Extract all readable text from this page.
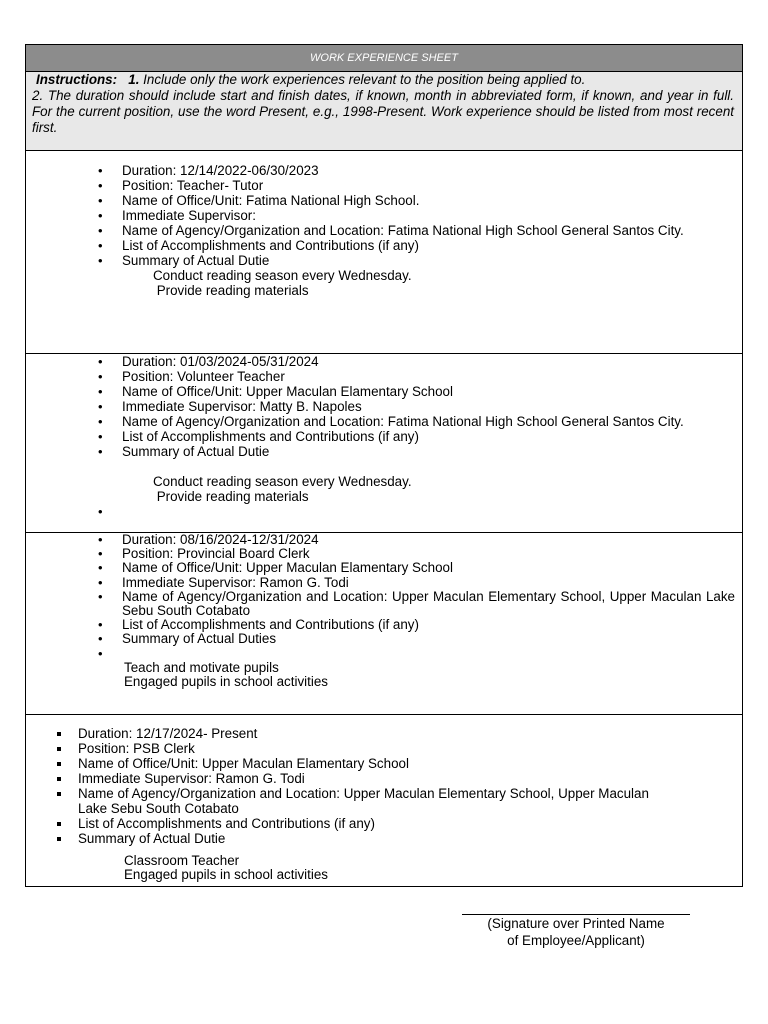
WORK EXPERIENCE SHEET
Instructions: 1. Include only the work experiences relevant to the position being applied to.
2. The duration should include start and finish dates, if known, month in abbreviated form, if known, and year in full. For the current position, use the word Present, e.g., 1998-Present. Work experience should be listed from most recent first.
• Duration: 12/14/2022-06/30/2023
• Position: Teacher- Tutor
• Name of Office/Unit: Fatima National High School.
• Immediate Supervisor:
• Name of Agency/Organization and Location: Fatima National High School General Santos City.
• List of Accomplishments and Contributions (if any)
• Summary of Actual Dutie
Conduct reading season every Wednesday.
Provide reading materials
• Duration: 01/03/2024-05/31/2024
• Position: Volunteer Teacher
• Name of Office/Unit: Upper Maculan Elamentary School
• Immediate Supervisor: Matty B. Napoles
• Name of Agency/Organization and Location: Fatima National High School General Santos City.
• List of Accomplishments and Contributions (if any)
• Summary of Actual Dutie
Conduct reading season every Wednesday.
Provide reading materials
•
• Duration: 08/16/2024-12/31/2024
• Position: Provincial Board Clerk
• Name of Office/Unit: Upper Maculan Elamentary School
• Immediate Supervisor: Ramon G. Todi
• Name of Agency/Organization and Location: Upper Maculan Elementary School, Upper Maculan Lake Sebu South Cotabato
• List of Accomplishments and Contributions (if any)
• Summary of Actual Duties
•
Teach and motivate pupils
Engaged pupils in school activities
Duration: 12/17/2024- Present
Position: PSB Clerk
Name of Office/Unit: Upper Maculan Elamentary School
Immediate Supervisor: Ramon G. Todi
Name of Agency/Organization and Location: Upper Maculan Elementary School, Upper Maculan Lake Sebu South Cotabato
List of Accomplishments and Contributions (if any)
Summary of Actual Dutie
Classroom Teacher
Engaged pupils in school activities
(Signature over Printed Name
of Employee/Applicant)
